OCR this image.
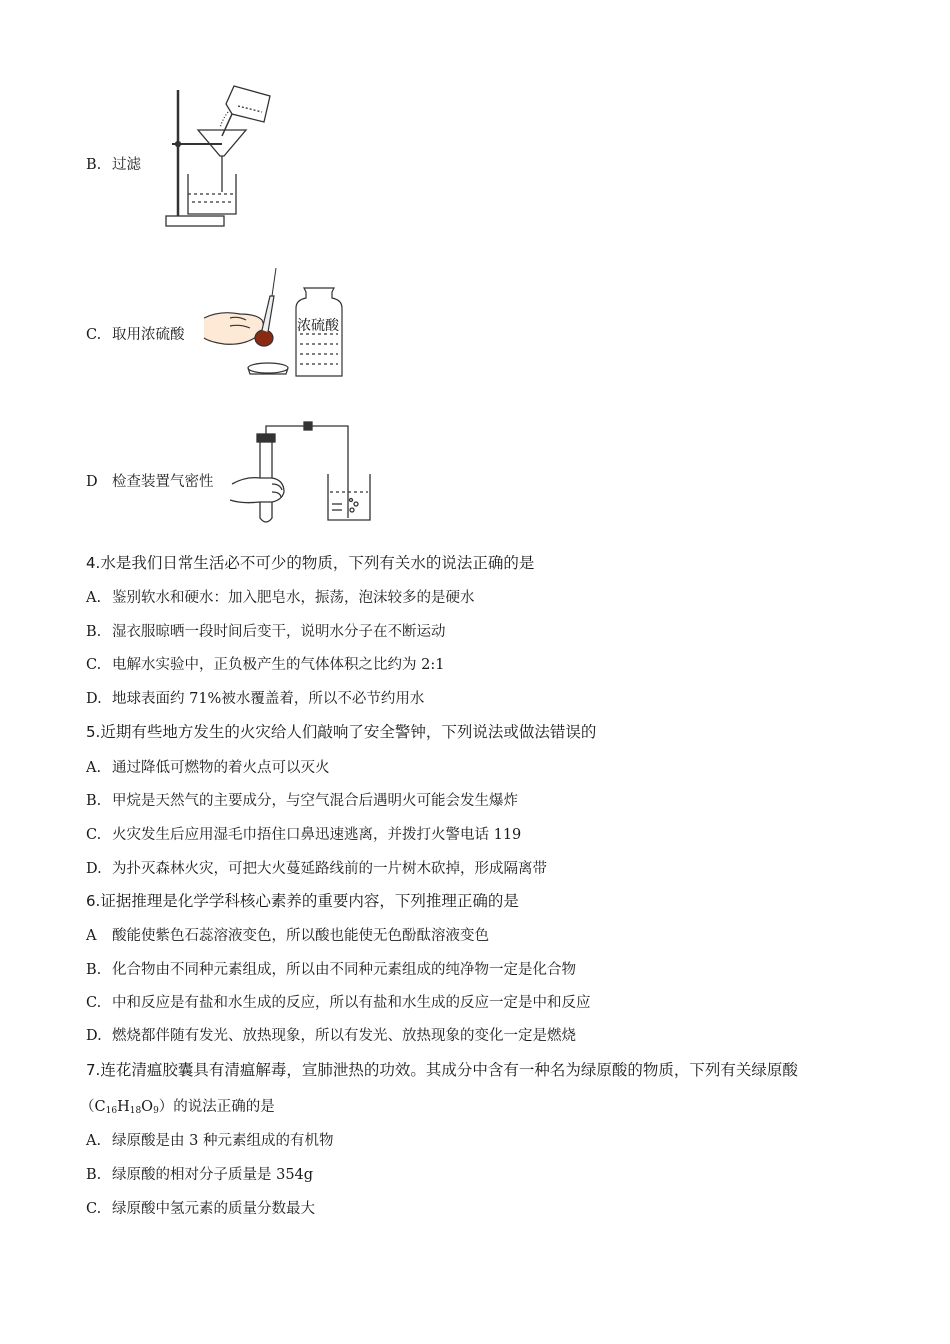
B. 过滤
C. 取用浓硫酸
浓硫酸
D 检查装置气密性
4.水是我们日常生活必不可少的物质，下列有关水的说法正确的是
A. 鉴别软水和硬水：加入肥皂水，振荡，泡沫较多的是硬水
B. 湿衣服晾晒一段时间后变干，说明水分子在不断运动
C. 电解水实验中，正负极产生的气体体积之比约为 2:1
D. 地球表面约 71%被水覆盖着，所以不必节约用水
5.近期有些地方发生的火灾给人们敲响了安全警钟，下列说法或做法错误的
A. 通过降低可燃物的着火点可以灭火
B. 甲烷是天然气的主要成分，与空气混合后遇明火可能会发生爆炸
C. 火灾发生后应用湿毛巾捂住口鼻迅速逃离，并拨打火警电话 119
D. 为扑灭森林火灾，可把大火蔓延路线前的一片树木砍掉，形成隔离带
6.证据推理是化学学科核心素养的重要内容，下列推理正确的是
A 酸能使紫色石蕊溶液变色，所以酸也能使无色酚酞溶液变色
B. 化合物由不同种元素组成，所以由不同种元素组成的纯净物一定是化合物
C. 中和反应是有盐和水生成的反应，所以有盐和水生成的反应一定是中和反应
D. 燃烧都伴随有发光、放热现象，所以有发光、放热现象的变化一定是燃烧
7.连花清瘟胶囊具有清瘟解毒，宣肺泄热的功效。其成分中含有一种名为绿原酸的物质，下列有关绿原酸
$(C_{16}H_{18}O_9)$的说法正确的是
A. 绿原酸是由 3 种元素组成的有机物
B. 绿原酸的相对分子质量是 354g
C. 绿原酸中氢元素的质量分数最大
